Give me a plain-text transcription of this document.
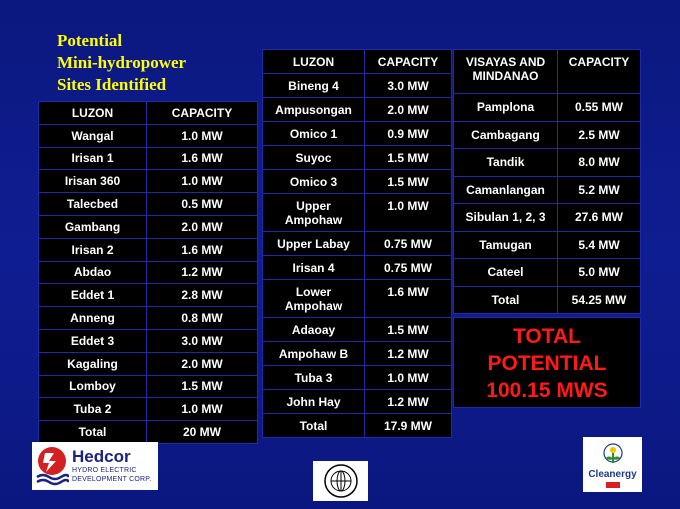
Potential
Mini-hydropower
Sites Identified
LUZON	CAPACITY
Wangal	1.0 MW
Irisan 1	1.6 MW
Irisan 360	1.0 MW
Talecbed	0.5 MW
Gambang	2.0 MW
Irisan 2	1.6 MW
Abdao	1.2 MW
Eddet 1	2.8 MW
Anneng	0.8 MW
Eddet 3	3.0 MW
Kagaling	2.0 MW
Lomboy	1.5 MW
Tuba 2	1.0 MW
Total	20 MW
LUZON	CAPACITY
Bineng 4	3.0 MW
Ampusongan	2.0 MW
Omico 1	0.9 MW
Suyoc	1.5 MW
Omico 3	1.5 MW
Upper Ampohaw	1.0 MW
Upper Labay	0.75 MW
Irisan 4	0.75 MW
Lower Ampohaw	1.6 MW
Adaoay	1.5 MW
Ampohaw B	1.2 MW
Tuba 3	1.0 MW
John Hay	1.2 MW
Total	17.9 MW
VISAYAS AND MINDANAO	CAPACITY
Pamplona	0.55 MW
Cambagang	2.5 MW
Tandik	8.0 MW
Camanlangan	5.2 MW
Sibulan 1, 2, 3	27.6 MW
Tamugan	5.4 MW
Cateel	5.0 MW
Total	54.25 MW
TOTAL
POTENTIAL
100.15 MWS
Hedcor
HYDRO ELECTRIC
DEVELOPMENT CORP.	Cleanergy
